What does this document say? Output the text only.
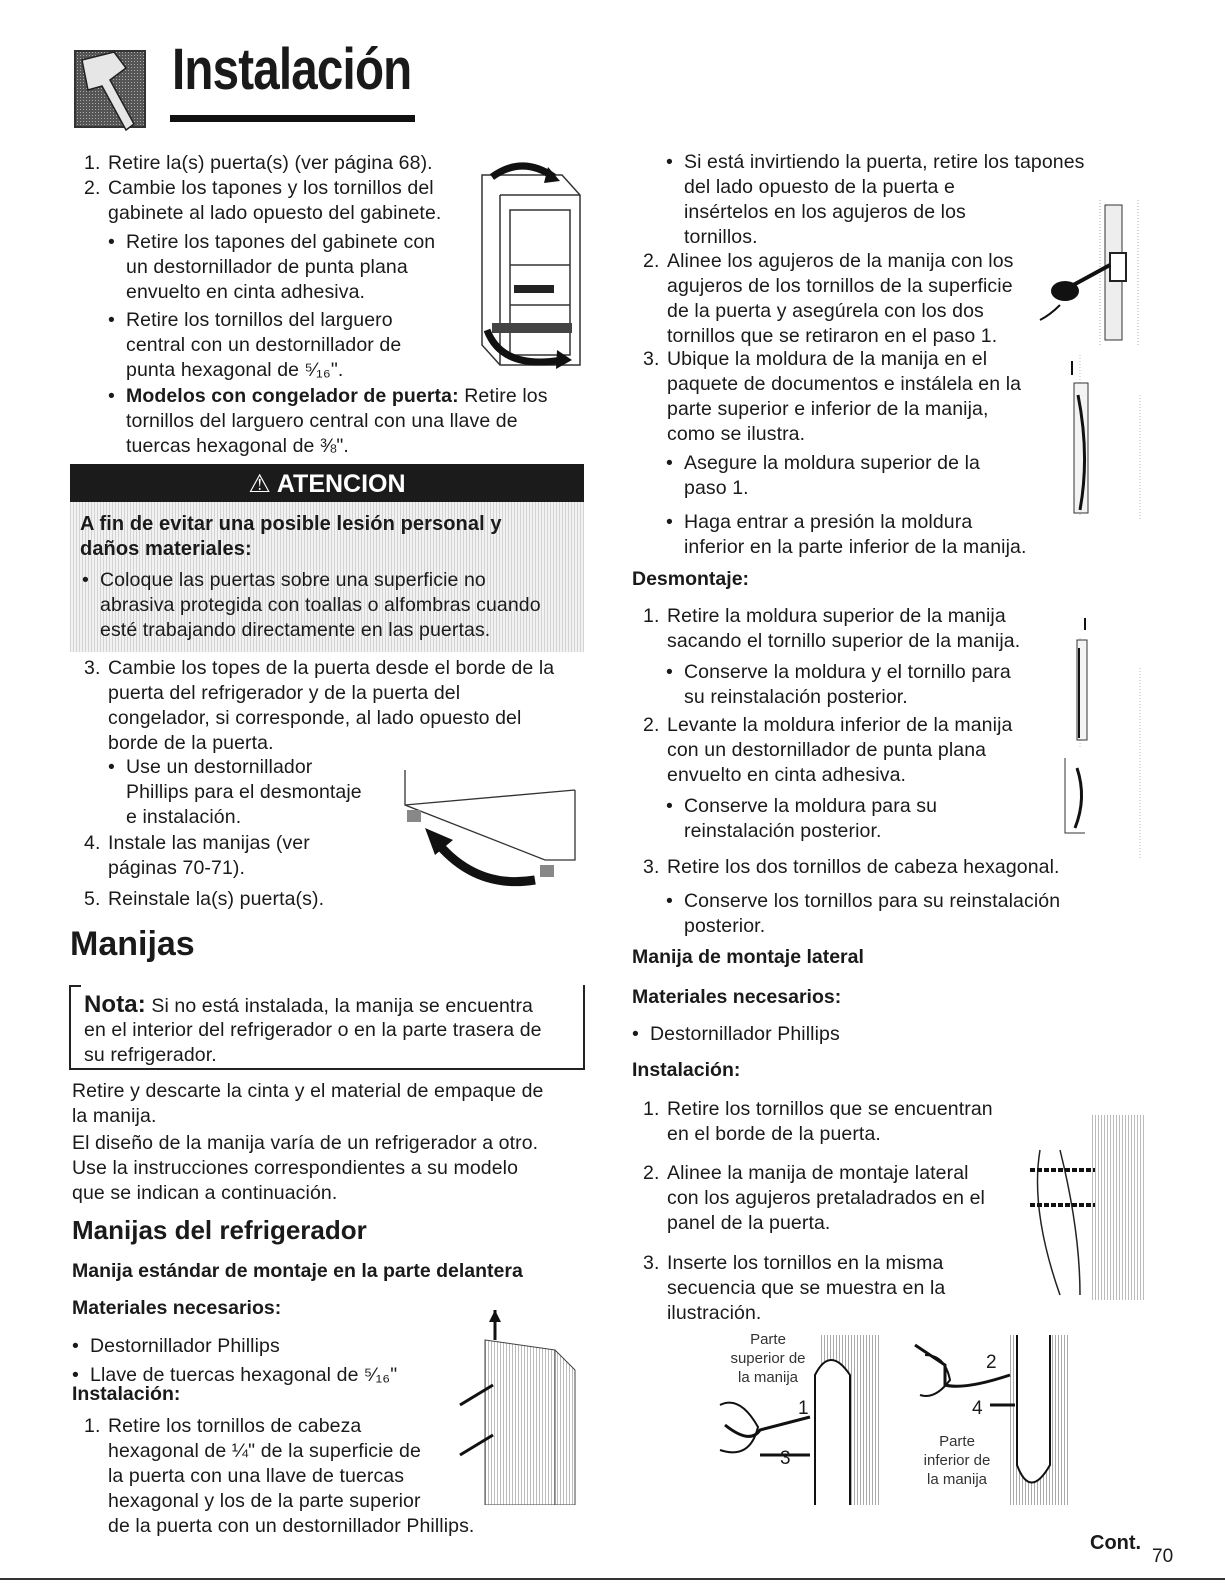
Instalación
1. Retire la(s) puerta(s) (ver página 68).
2. Cambie los tapones y los tornillos del
gabinete al lado opuesto del gabinete.
• Retire los tapones del gabinete con
un destornillador de punta plana
envuelto en cinta adhesiva.
• Retire los tornillos del larguero
central con un destornillador de
punta hexagonal de ⁵⁄₁₆".
• Modelos con congelador de puerta: Retire los
tornillos del larguero central con una llave de
tuercas hexagonal de ⅜".
⚠ ATENCION
A fin de evitar una posible lesión personal y
daños materiales:
• Coloque las puertas sobre una superficie no
abrasiva protegida con toallas o alfombras cuando
esté trabajando directamente en las puertas.
3. Cambie los topes de la puerta desde el borde de la
puerta del refrigerador y de la puerta del
congelador, si corresponde, al lado opuesto del
borde de la puerta.
• Use un destornillador
Phillips para el desmontaje
e instalación.
4. Instale las manijas (ver
páginas 70-71).
5. Reinstale la(s) puerta(s).
Manijas
Nota: Si no está instalada, la manija se encuentra
en el interior del refrigerador o en la parte trasera de
su refrigerador.
Retire y descarte la cinta y el material de empaque de
la manija.
El diseño de la manija varía de un refrigerador a otro.
Use la instrucciones correspondientes a su modelo
que se indican a continuación.
Manijas del refrigerador
Manija estándar de montaje en la parte delantera
Materiales necesarios:
• Destornillador Phillips
• Llave de tuercas hexagonal de ⁵⁄₁₆"
Instalación:
1. Retire los tornillos de cabeza
hexagonal de ¼" de la superficie de
la puerta con una llave de tuercas
hexagonal y los de la parte superior
de la puerta con un destornillador Phillips.
• Si está invirtiendo la puerta, retire los tapones
del lado opuesto de la puerta e
insértelos en los agujeros de los
tornillos.
2. Alinee los agujeros de la manija con los
agujeros de los tornillos de la superficie
de la puerta y asegúrela con los dos
tornillos que se retiraron en el paso 1.
3. Ubique la moldura de la manija en el
paquete de documentos e instálela en la
parte superior e inferior de la manija,
como se ilustra.
• Asegure la moldura superior de la
paso 1.
• Haga entrar a presión la moldura
inferior en la parte inferior de la manija.
Desmontaje:
1. Retire la moldura superior de la manija
sacando el tornillo superior de la manija.
• Conserve la moldura y el tornillo para
su reinstalación posterior.
2. Levante la moldura inferior de la manija
con un destornillador de punta plana
envuelto en cinta adhesiva.
• Conserve la moldura para su
reinstalación posterior.
3. Retire los dos tornillos de cabeza hexagonal.
• Conserve los tornillos para su reinstalación
posterior.
Manija de montaje lateral
Materiales necesarios:
• Destornillador Phillips
Instalación:
1. Retire los tornillos que se encuentran
en el borde de la puerta.
2. Alinee la manija de montaje lateral
con los agujeros pretaladrados en el
panel de la puerta.
3. Inserte los tornillos en la misma
secuencia que se muestra en la
ilustración.
Parte
superior de
la manija
1
3
2
4
Parte
inferior de
la manija
Cont.
70
